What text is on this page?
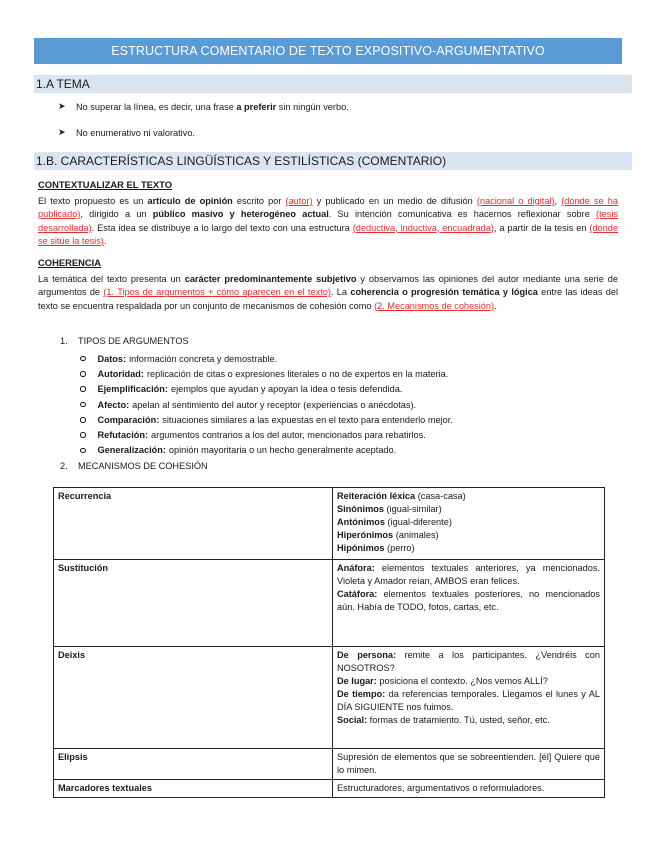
ESTRUCTURA COMENTARIO DE TEXTO EXPOSITIVO-ARGUMENTATIVO
1.A TEMA
➤	No superar la línea, es decir, una frase a preferir sin ningún verbo.
➤	No enumerativo ni valorativo.
1.B. CARACTERÍSTICAS LINGÜÍSTICAS Y ESTILÍSTICAS (COMENTARIO)
CONTEXTUALIZAR EL TEXTO

El texto propuesto es un artículo de opinión escrito por (autor) y publicado en un medio de difusión (nacional o digital), (donde se ha publicado), dirigido a un público masivo y heterogéneo actual. Su intención comunicativa es hacernos reflexionar sobre (tesis desarrollada). Esta idea se distribuye a lo largo del texto con una estructura (deductiva, inductiva, encuadrada), a partir de la tesis en (donde se sitúe la tesis).

COHERENCIA

La temática del texto presenta un carácter predominantemente subjetivo y observamos las opiniones del autor mediante una serie de argumentos de (1. Tipos de argumentos + cómo aparecen en el texto). La coherencia o progresión temática y lógica entre las ideas del texto se encuentra respaldada por un conjunto de mecanismos de cohesión como (2. Mecanismos de cohesión).

1.	TIPOS DE ARGUMENTOS
Datos: información concreta y demostrable.
Autoridad: replicación de citas o expresiones literales o no de expertos en la materia.
Ejemplificación: ejemplos que ayudan y apoyan la idea o tesis defendida.
Afecto: apelan al sentimiento del autor y receptor (experiencias o anécdotas).
Comparación: situaciones similares a las expuestas en el texto para entenderlo mejor.
Refutación: argumentos contrarios a los del autor, mencionados para rebatirlos.
Generalización: opinión mayoritaria o un hecho generalmente aceptado.
2.	MECANISMOS DE COHESIÓN
Recurrencia	Reiteración léxica (casa-casa)
Sinónimos (igual-similar)
Antónimos (igual-diferente)
Hiperónimos (animales)
Hipónimos (perro)

Sustitución	Anáfora: elementos textuales anteriores, ya mencionados. Violeta y Amador reían, AMBOS eran felices.
Catáfora: elementos textuales posteriores, no mencionados aún. Había de TODO, fotos, cartas, etc.

Deixis	De persona: remite a los participantes. ¿Vendréis con NOSOTROS?
De lugar: posiciona el contexto. ¿Nos vemos ALLÍ?
De tiempo: da referencias temporales. Llegamos el lunes y AL DÍA SIGUIENTE nos fuimos.
Social: formas de tratamiento. Tú, usted, señor, etc.

Elipsis	Supresión de elementos que se sobreentienden. [él] Quiere que lo mimen.
Marcadores textuales	Estructuradores, argumentativos o reformuladores.
